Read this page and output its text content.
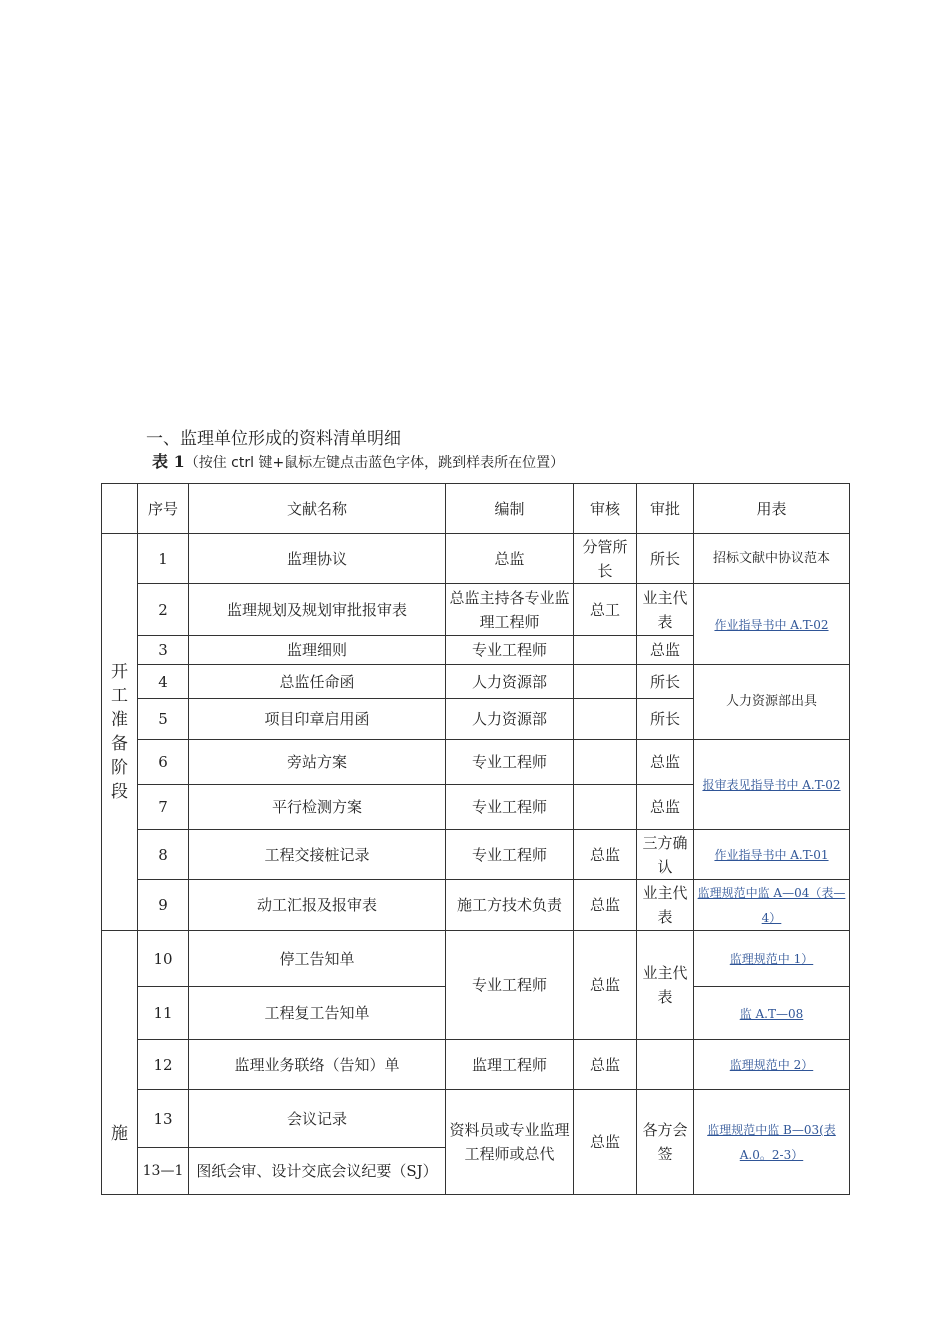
一、监理单位形成的资料清单明细
表 1（按住 ctrl 键+鼠标左键点击蓝色字体，跳到样表所在位置）
	序号	文献名称	编制	审核	审批	用表

开工准备阶段	1	监理协议	总监	分管所长	所长	招标文献中协议范本
	2	监理规划及规划审批报审表	总监主持各专业监理工程师	总工	业主代表	作业指导书中 A.T-02
	3	监理细则	专业工程师		总监	
	4	总监任命函	人力资源部		所长	人力资源部出具
	5	项目印章启用函	人力资源部		所长	
	6	旁站方案	专业工程师		总监	报审表见指导书中 A.T-02
	7	平行检测方案	专业工程师		总监	
	8	工程交接桩记录	专业工程师	总监	三方确认	作业指导书中 A.T-01
	9	动工汇报及报审表	施工方技术负责	总监	业主代表	监理规范中监 A—04（表—4）

施	10	停工告知单	专业工程师	总监	业主代表	监理规范中 1）
	11	工程复工告知单				监 A.T—08
	12	监理业务联络（告知）单	监理工程师	总监		监理规范中 2）
	13	会议记录	资料员或专业监理工程师或总代	总监	各方会签	监理规范中监 B—03(表 A.0。2-3）
	13—1	图纸会审、设计交底会议纪要（SJ）				
